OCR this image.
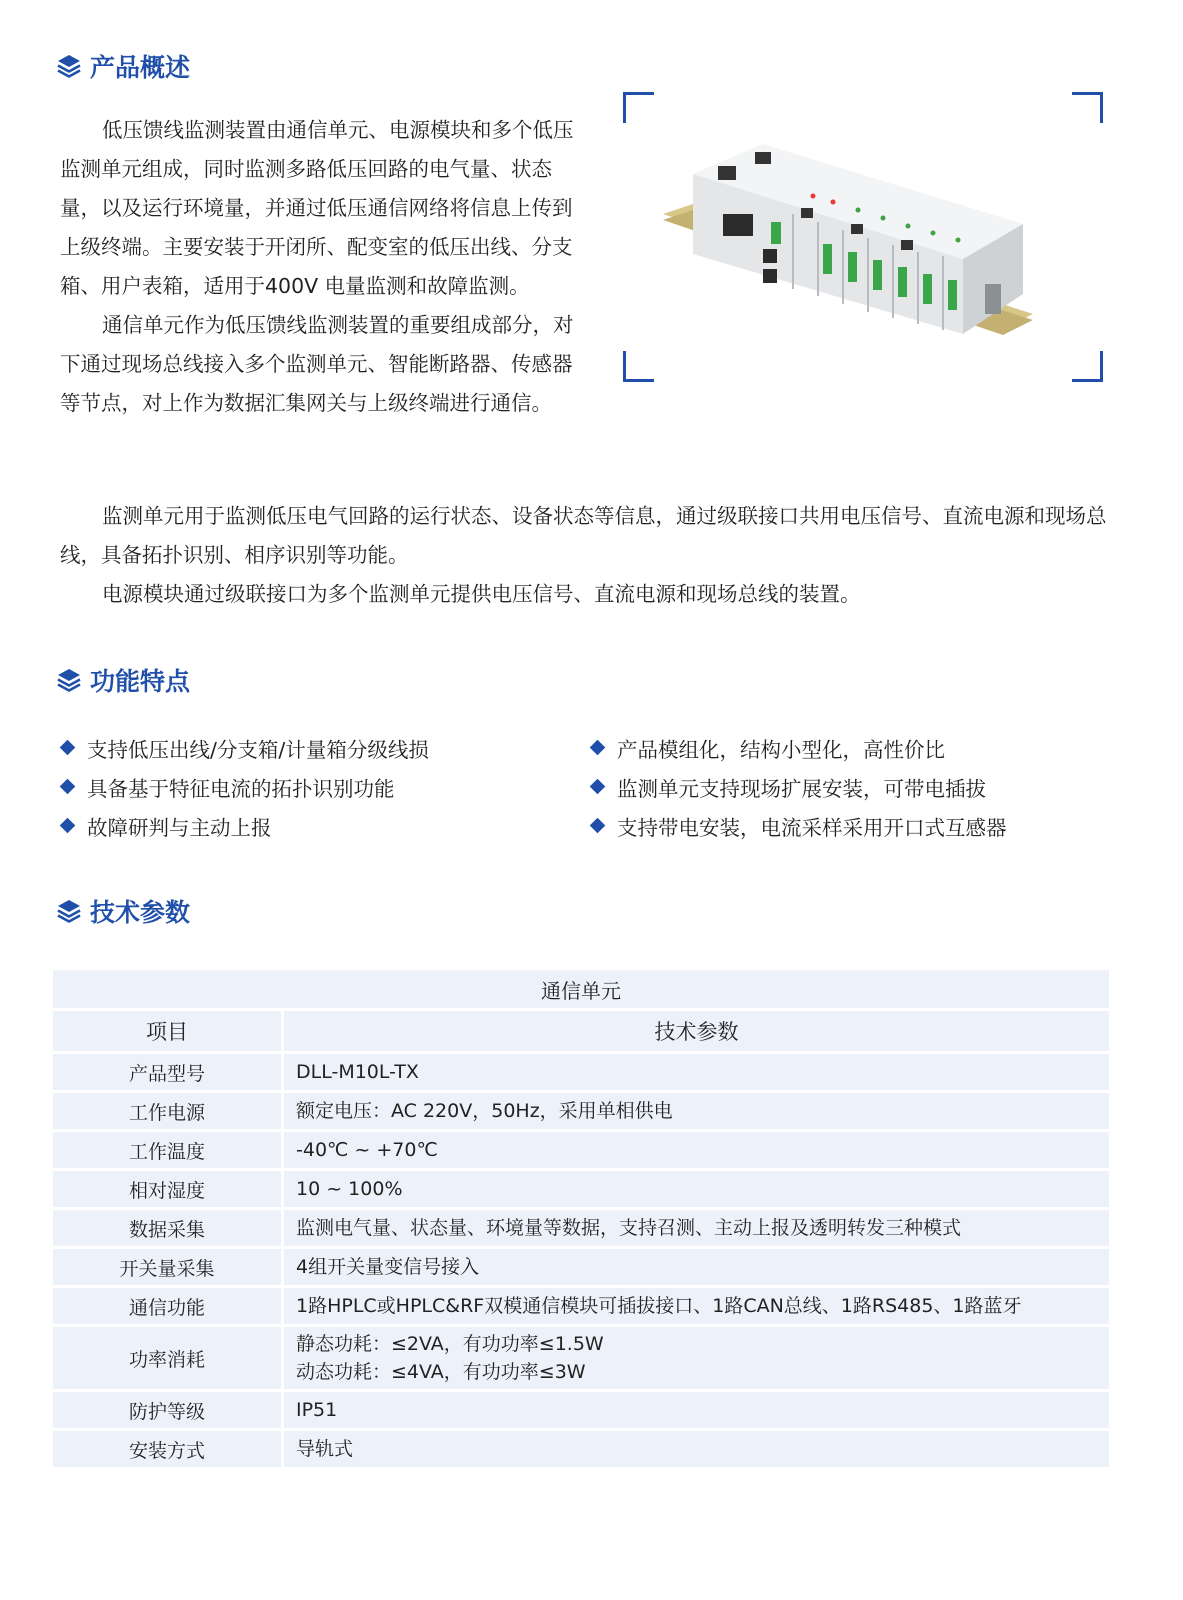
产品概述

低压馈线监测装置由通信单元、电源模块和多个低压监测单元组成，同时监测多路低压回路的电气量、状态量，以及运行环境量，并通过低压通信网络将信息上传到上级终端。主要安装于开闭所、配变室的低压出线、分支箱、用户表箱，适用于400V 电量监测和故障监测。
通信单元作为低压馈线监测装置的重要组成部分，对下通过现场总线接入多个监测单元、智能断路器、传感器等节点，对上作为数据汇集网关与上级终端进行通信。

监测单元用于监测低压电气回路的运行状态、设备状态等信息，通过级联接口共用电压信号、直流电源和现场总线，具备拓扑识别、相序识别等功能。

电源模块通过级联接口为多个监测单元提供电压信号、直流电源和现场总线的装置。

功能特点
支持低压出线/分支箱/计量箱分级线损
具备基于特征电流的拓扑识别功能
故障研判与主动上报
产品模组化，结构小型化，高性价比
监测单元支持现场扩展安装，可带电插拔
支持带电安装，电流采样采用开口式互感器
技术参数
通信单元	
项目	技术参数
产品型号	DLL-M10L-TX

工作电源	额定电压：AC 220V，50Hz，采用单相供电

工作温度	-40℃ ~ +70℃

相对湿度	10 ~ 100%

数据采集	监测电气量、状态量、环境量等数据，支持召测、主动上报及透明转发三种模式

开关量采集	4组开关量变信号接入

通信功能	1路HPLC或HPLC&RF双模通信模块可插拔接口、1路CAN总线、1路RS485、1路蓝牙

功率消耗	静态功耗：≤2VA，有功功率≤1.5W
动态功耗：≤4VA，有功功率≤3W

防护等级	IP51

安装方式	导轨式
